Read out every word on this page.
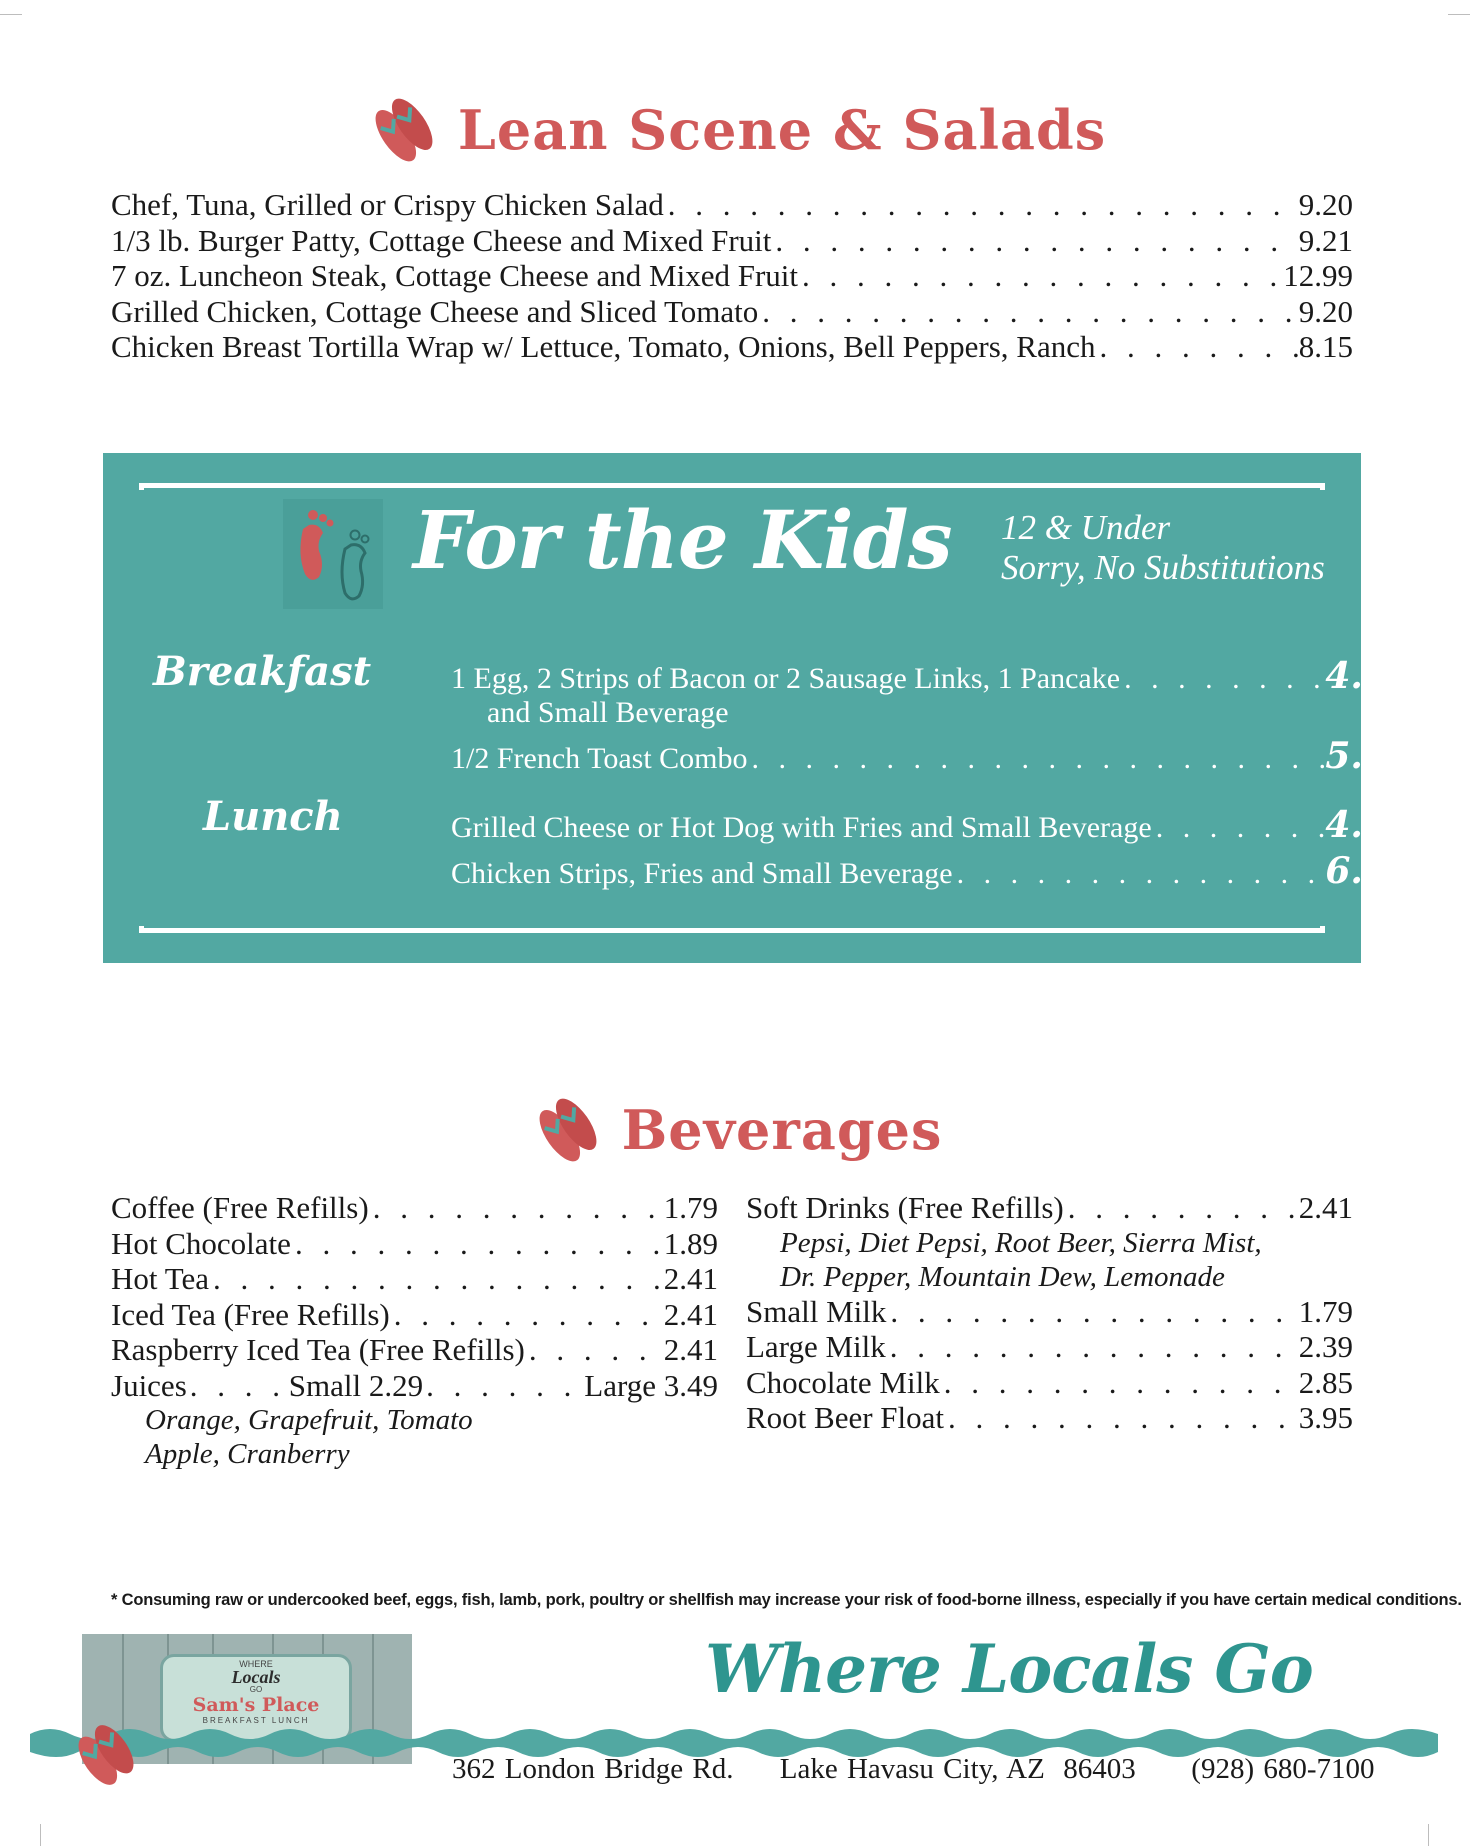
Lean Scene & Salads
Chef, Tuna, Grilled or Crispy Chicken Salad . . .	9.20
1/3 lb. Burger Patty, Cottage Cheese and Mixed Fruit . . .	9.21
7 oz. Luncheon Steak, Cottage Cheese and Mixed Fruit . . .	12.99
Grilled Chicken, Cottage Cheese and Sliced Tomato . . .	9.20
Chicken Breast Tortilla Wrap w/ Lettuce, Tomato, Onions, Bell Peppers, Ranch . . .	8.15
For the Kids 12 & Under
Sorry, No Substitutions
Breakfast	1 Egg, 2 Strips of Bacon or 2 Sausage Links, 1 Pancake . . .	4.89
and Small Beverage
1/2 French Toast Combo . . .	5.89
Lunch	Grilled Cheese or Hot Dog with Fries and Small Beverage . . .	4.89
Chicken Strips, Fries and Small Beverage . . .	6.45
Beverages
Coffee (Free Refills) . . .	1.79
Hot Chocolate . . .	1.89
Hot Tea . . .	2.41
Iced Tea (Free Refills) . . .	2.41
Raspberry Iced Tea (Free Refills) . . .	2.41
Juices . . .	Small 2.29 . . .	Large 3.49
Orange, Grapefruit, Tomato
Apple, Cranberry
Soft Drinks (Free Refills) . . .	2.41
Pepsi, Diet Pepsi, Root Beer, Sierra Mist,
Dr. Pepper, Mountain Dew, Lemonade
Small Milk . . .	1.79
Large Milk . . .	2.39
Chocolate Milk . . .	2.85
Root Beer Float . . .	3.95
* Consuming raw or undercooked beef, eggs, fish, lamb, pork, poultry or shellfish may increase your risk of food-borne illness, especially if you have certain medical conditions.
WHERE
Locals
GO
Sam's Place
BREAKFAST LUNCH
Where Locals Go
362 London Bridge Rd.     Lake Havasu City, AZ  86403      (928) 680-7100
